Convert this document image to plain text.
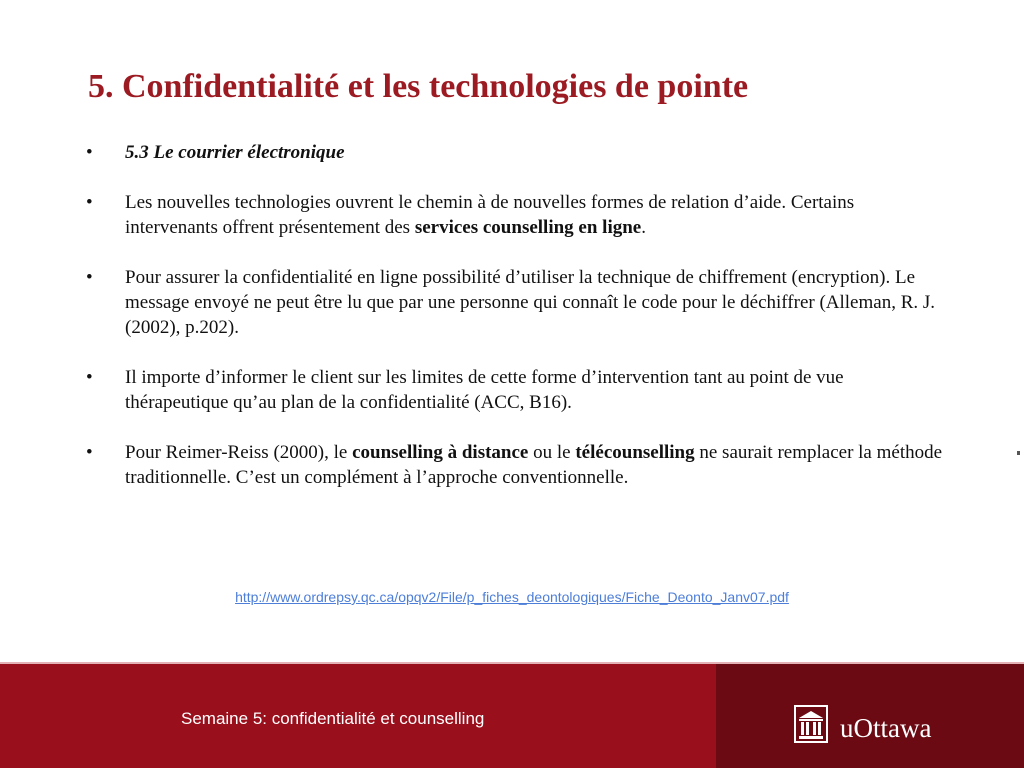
5. Confidentialité et les technologies de pointe
• 5.3 Le courrier électronique
• Les nouvelles technologies ouvrent le chemin à de nouvelles formes de relation d’aide. Certains intervenants offrent présentement des services counselling en ligne.
• Pour assurer la confidentialité en ligne possibilité d’utiliser la technique de chiffrement (encryption). Le message envoyé ne peut être lu que par une personne qui connaît le code pour le déchiffrer (Alleman, R. J.(2002), p.202).
• Il importe d’informer le client sur les limites de cette forme d’intervention tant au point de vue thérapeutique qu’au plan de la confidentialité (ACC, B16).
• Pour Reimer-Reiss (2000), le counselling à distance ou le télécounselling ne saurait remplacer la méthode traditionnelle. C’est un complément à l’approche conventionnelle.
http://www.ordrepsy.qc.ca/opqv2/File/p_fiches_deontologiques/Fiche_Deonto_Janv07.pdf

Semaine 5: confidentialité et counselling	uOttawa
